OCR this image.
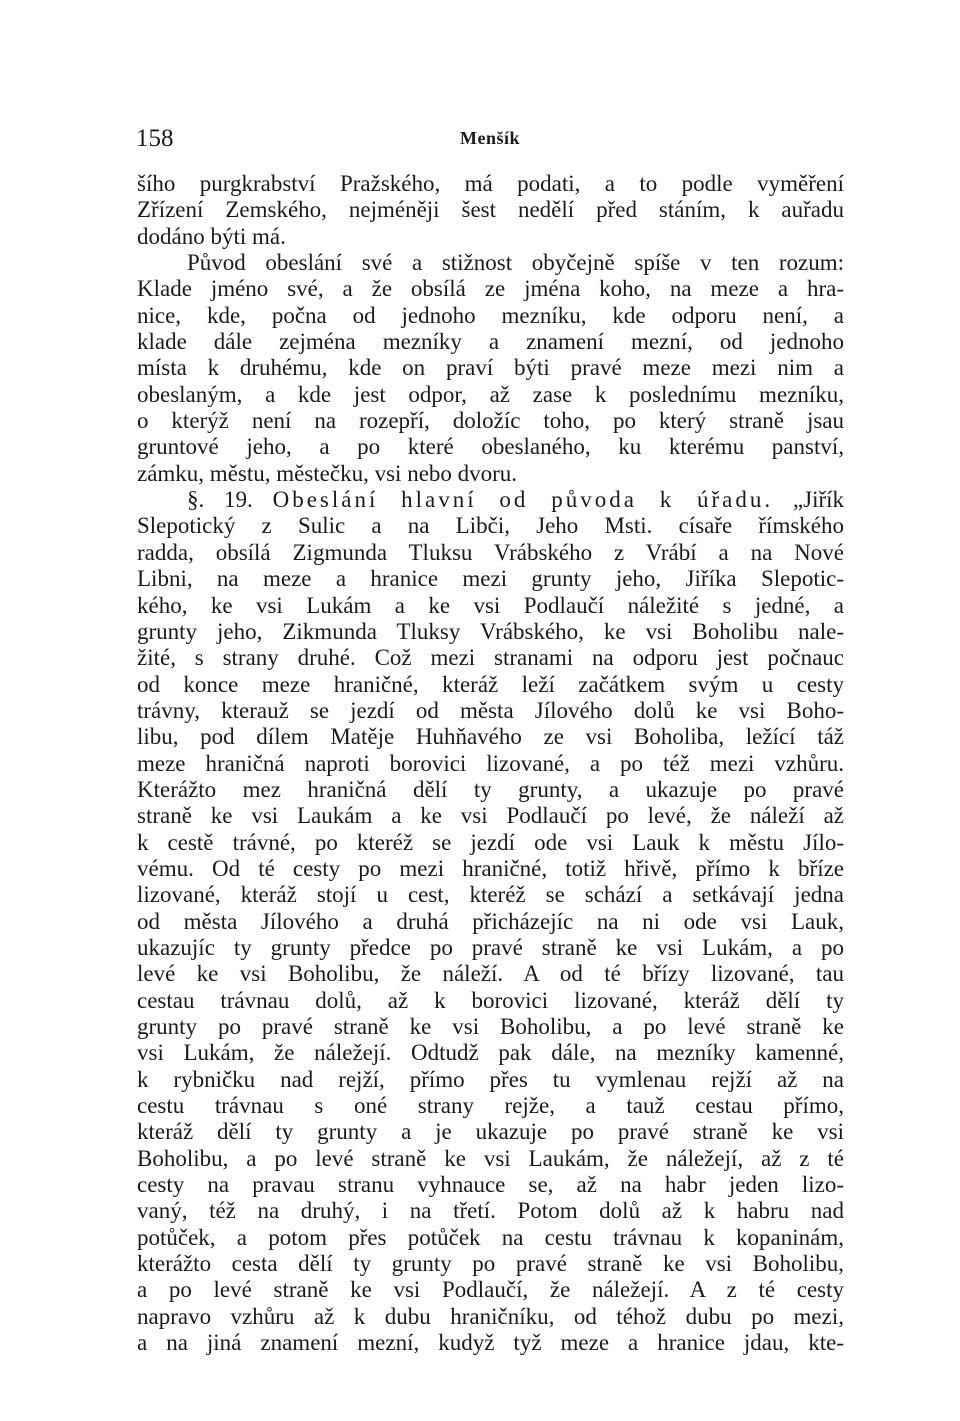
158	Menšík
šího purgkrabství Pražského, má podati, a to podle vyměření
Zřízení Zemského, nejméněji šest nedělí před stáním, k auřadu
dodáno býti má.
Původ obeslání své a stižnost obyčejně spíše v ten rozum:
Klade jméno své, a že obsílá ze jména koho, na meze a hra-
nice, kde, počna od jednoho mezníku, kde odporu není, a
klade dále zejména mezníky a znamení mezní, od jednoho
místa k druhému, kde on praví býti pravé meze mezi nim a
obeslaným, a kde jest odpor, až zase k poslednímu mezníku,
o kterýž není na rozepří, doložíc toho, po který straně jsau
gruntové jeho, a po které obeslaného, ku kterému panství,
zámku, městu, městečku, vsi nebo dvoru.
§. 19. Obeslání hlavní od původa k úřadu. „Jiřík
Slepotický z Sulic a na Libči, Jeho Msti. císaře římského
radda, obsílá Zigmunda Tluksu Vrábského z Vrábí a na Nové
Libni, na meze a hranice mezi grunty jeho, Jiříka Slepotic-
kého, ke vsi Lukám a ke vsi Podlaučí náležité s jedné, a
grunty jeho, Zikmunda Tluksy Vrábského, ke vsi Boholibu nale-
žité, s strany druhé. Což mezi stranami na odporu jest počnauc
od konce meze hraničné, kteráž leží začátkem svým u cesty
trávny, kterauž se jezdí od města Jílového dolů ke vsi Boho-
libu, pod dílem Matěje Huhňavého ze vsi Boholiba, ležící táž
meze hraničná naproti borovici lizované, a po též mezi vzhůru.
Kterážto mez hraničná dělí ty grunty, a ukazuje po pravé
straně ke vsi Laukám a ke vsi Podlaučí po levé, že náleží až
k cestě trávné, po kteréž se jezdí ode vsi Lauk k městu Jílo-
vému. Od té cesty po mezi hraničné, totiž hřivě, přímo k bříze
lizované, kteráž stojí u cest, kteréž se schází a setkávají jedna
od města Jílového a druhá přicházejíc na ni ode vsi Lauk,
ukazujíc ty grunty předce po pravé straně ke vsi Lukám, a po
levé ke vsi Boholibu, že náleží. A od té břízy lizované, tau
cestau trávnau dolů, až k borovici lizované, kteráž dělí ty
grunty po pravé straně ke vsi Boholibu, a po levé straně ke
vsi Lukám, že náležejí. Odtudž pak dále, na mezníky kamenné,
k rybničku nad rejží, přímo přes tu vymlenau rejží až na
cestu trávnau s oné strany rejže, a tauž cestau přímo,
kteráž dělí ty grunty a je ukazuje po pravé straně ke vsi
Boholibu, a po levé straně ke vsi Laukám, že náležejí, až z té
cesty na pravau stranu vyhnauce se, až na habr jeden lizo-
vaný, též na druhý, i na třetí. Potom dolů až k habru nad
potůček, a potom přes potůček na cestu trávnau k kopaninám,
kterážto cesta dělí ty grunty po pravé straně ke vsi Boholibu,
a po levé straně ke vsi Podlaučí, že náležejí. A z té cesty
napravo vzhůru až k dubu hraničníku, od téhož dubu po mezi,
a na jiná znamení mezní, kudyž tyž meze a hranice jdau, kte-
